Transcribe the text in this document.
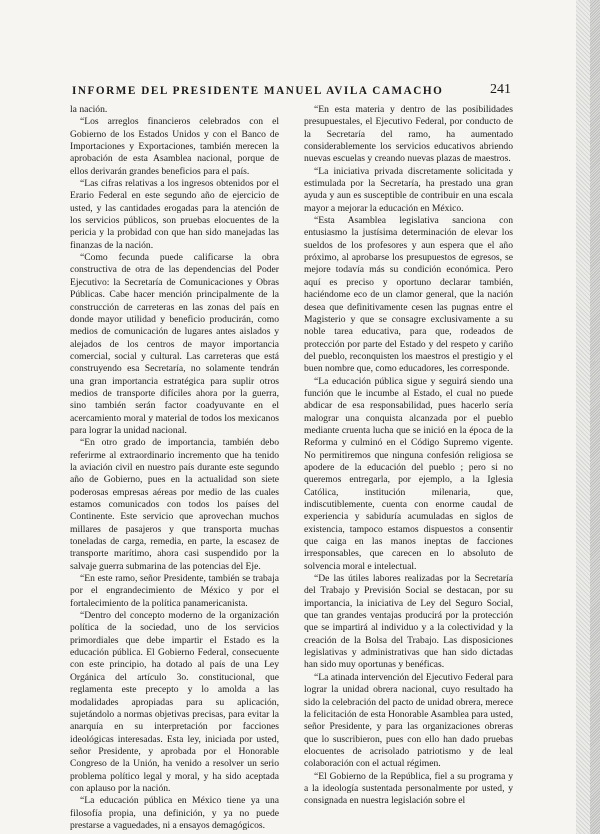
INFORME DEL PRESIDENTE MANUEL AVILA CAMACHO	241

la nación.

“Los arreglos financieros celebrados con el Gobierno de los Estados Unidos y con el Banco de Importaciones y Exportaciones, también merecen la aprobación de esta Asamblea nacional, porque de ellos derivarán grandes beneficios para el país.

“Las cifras relativas a los ingresos obtenidos por el Erario Federal en este segundo año de ejercicio de usted, y las cantidades erogadas para la atención de los servicios públicos, son pruebas elocuentes de la pericia y la probidad con que han sido manejadas las finanzas de la nación.

“Como fecunda puede calificarse la obra constructiva de otra de las dependencias del Poder Ejecutivo: la Secretaría de Comunicaciones y Obras Públicas. Cabe hacer mención principalmente de la construcción de carreteras en las zonas del país en donde mayor utilidad y beneficio producirán, como medios de comunicación de lugares antes aislados y alejados de los centros de mayor importancia comercial, social y cultural. Las carreteras que está construyendo esa Secretaría, no solamente tendrán una gran importancia estratégica para suplir otros medios de transporte difíciles ahora por la guerra, sino también serán factor coadyuvante en el acercamiento moral y material de todos los mexicanos para lograr la unidad nacional.

“En otro grado de importancia, también debo referirme al extraordinario incremento que ha tenido la aviación civil en nuestro país durante este segundo año de Gobierno, pues en la actualidad son siete poderosas empresas aéreas por medio de las cuales estamos comunicados con todos los países del Continente. Este servicio que aprovechan muchos millares de pasajeros y que transporta muchas toneladas de carga, remedia, en parte, la escasez de transporte marítimo, ahora casi suspendido por la salvaje guerra submarina de las potencias del Eje.

“En este ramo, señor Presidente, también se trabaja por el engrandecimiento de México y por el fortalecimiento de la política panamericanista.

“Dentro del concepto moderno de la organización política de la sociedad, uno de los servicios primordiales que debe impartir el Estado es la educación pública. El Gobierno Federal, consecuente con este principio, ha dotado al país de una Ley Orgánica del artículo 3o. constitucional, que reglamenta este precepto y lo amolda a las modalidades apropiadas para su aplicación, sujetándolo a normas objetivas precisas, para evitar la anarquía en su interpretación por facciones ideológicas interesadas. Esta ley, iniciada por usted, señor Presidente, y aprobada por el Honorable Congreso de la Unión, ha venido a resolver un serio problema político legal y moral, y ha sido aceptada con aplauso por la nación.

“La educación pública en México tiene ya una filosofía propia, una definición, y ya no puede prestarse a vaguedades, ni a ensayos demagógicos.

“En esta materia y dentro de las posibilidades presupuestales, el Ejecutivo Federal, por conducto de la Secretaría del ramo, ha aumentado considerablemente los servicios educativos abriendo nuevas escuelas y creando nuevas plazas de maestros.

“La iniciativa privada discretamente solicitada y estimulada por la Secretaría, ha prestado una gran ayuda y aun es susceptible de contribuir en una escala mayor a mejorar la educación en México.

“Esta Asamblea legislativa sanciona con entusiasmo la justísima determinación de elevar los sueldos de los profesores y aun espera que el año próximo, al aprobarse los presupuestos de egresos, se mejore todavía más su condición económica. Pero aquí es preciso y oportuno declarar también, haciéndome eco de un clamor general, que la nación desea que definitivamente cesen las pugnas entre el Magisterio y que se consagre exclusivamente a su noble tarea educativa, para que, rodeados de protección por parte del Estado y del respeto y cariño del pueblo, reconquisten los maestros el prestigio y el buen nombre que, como educadores, les corresponde.

“La educación pública sigue y seguirá siendo una función que le incumbe al Estado, el cual no puede abdicar de esa responsabilidad, pues hacerlo sería malograr una conquista alcanzada por el pueblo mediante cruenta lucha que se inició en la época de la Reforma y culminó en el Código Supremo vigente. No permitiremos que ninguna confesión religiosa se apodere de la educación del pueblo ; pero si no queremos entregarla, por ejemplo, a la Iglesia Católica, institución milenaria, que, indiscutiblemente, cuenta con enorme caudal de experiencia y sabiduría acumuladas en siglos de existencia, tampoco estamos dispuestos a consentir que caiga en las manos ineptas de facciones irresponsables, que carecen en lo absoluto de solvencia moral e intelectual.

“De las útiles labores realizadas por la Secretaría del Trabajo y Previsión Social se destacan, por su importancia, la iniciativa de Ley del Seguro Social, que tan grandes ventajas producirá por la protección que se impartirá al individuo y a la colectividad y la creación de la Bolsa del Trabajo. Las disposiciones legislativas y administrativas que han sido dictadas han sido muy oportunas y benéficas.

“La atinada intervención del Ejecutivo Federal para lograr la unidad obrera nacional, cuyo resultado ha sido la celebración del pacto de unidad obrera, merece la felicitación de esta Honorable Asamblea para usted, señor Presidente, y para las organizaciones obreras que lo suscribieron, pues con ello han dado pruebas elocuentes de acrisolado patriotismo y de leal colaboración con el actual régimen.

“El Gobierno de la República, fiel a su programa y a la ideología sustentada personalmente por usted, y consignada en nuestra legislación sobre el
